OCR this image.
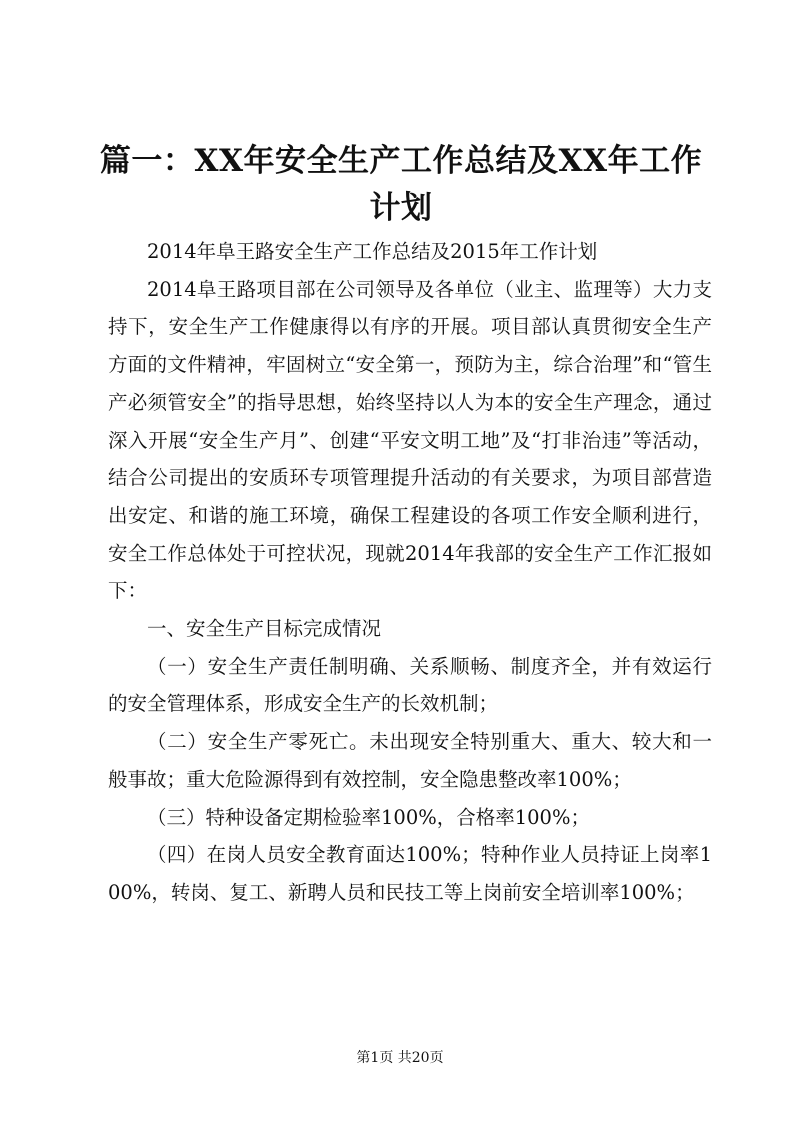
篇一：XX年安全生产工作总结及XX年工作计划

2014年阜王路安全生产工作总结及2015年工作计划

2014阜王路项目部在公司领导及各单位（业主、监理等）大力支持下，安全生产工作健康得以有序的开展。项目部认真贯彻安全生产方面的文件精神，牢固树立“安全第一，预防为主，综合治理”和“管生产必须管安全”的指导思想，始终坚持以人为本的安全生产理念，通过深入开展“安全生产月”、创建“平安文明工地”及“打非治违”等活动，结合公司提出的安质环专项管理提升活动的有关要求，为项目部营造出安定、和谐的施工环境，确保工程建设的各项工作安全顺利进行，安全工作总体处于可控状况，现就2014年我部的安全生产工作汇报如下：

一、安全生产目标完成情况

（一）安全生产责任制明确、关系顺畅、制度齐全，并有效运行的安全管理体系，形成安全生产的长效机制；

（二）安全生产零死亡。未出现安全特别重大、重大、较大和一般事故；重大危险源得到有效控制，安全隐患整改率100%；

（三）特种设备定期检验率100%，合格率100%；

（四）在岗人员安全教育面达100%；特种作业人员持证上岗率100%，转岗、复工、新聘人员和民技工等上岗前安全培训率100%；

第1页 共20页
